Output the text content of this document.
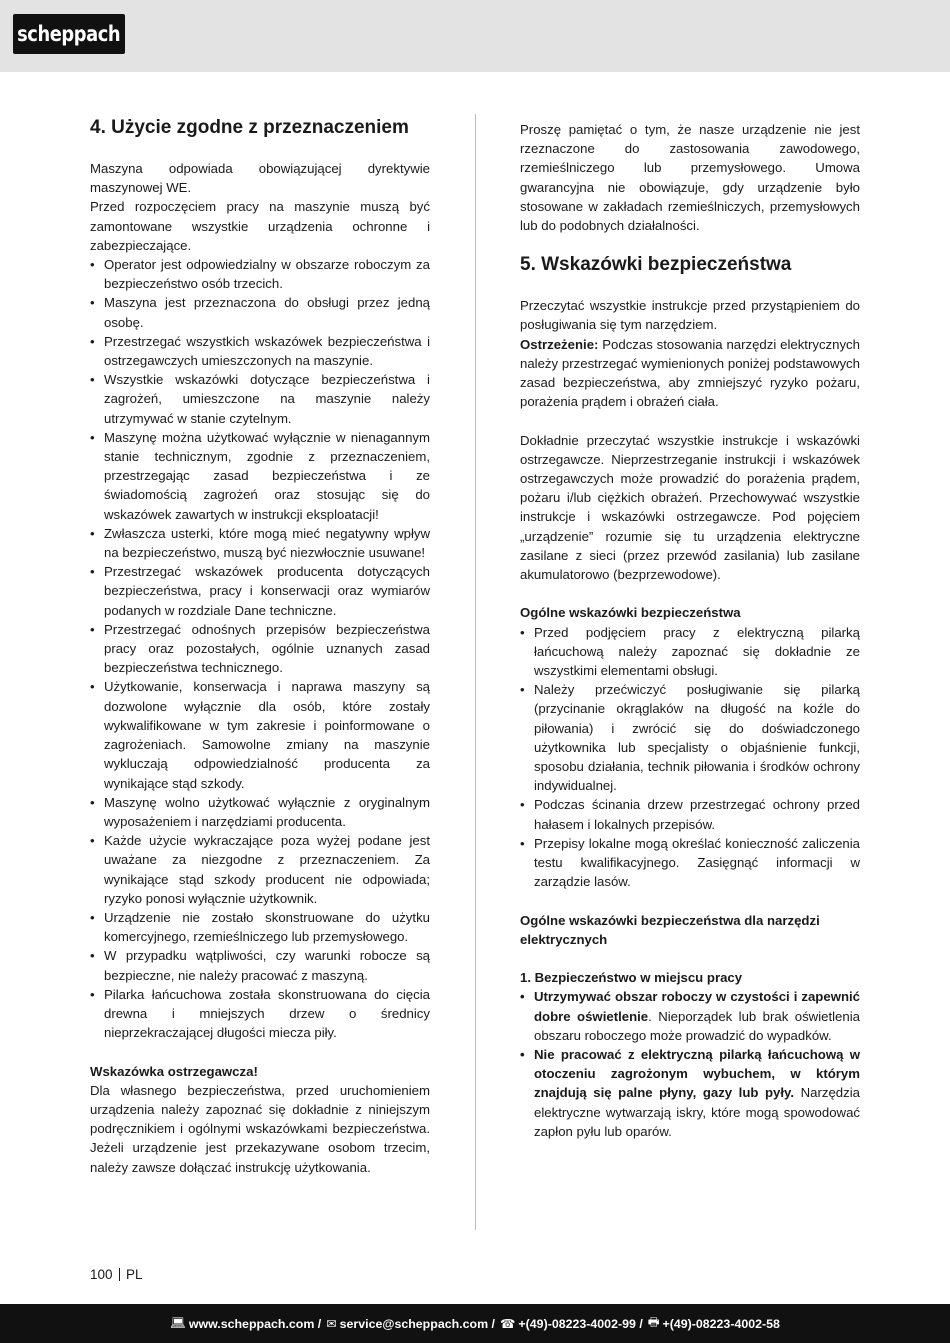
scheppach
4. Użycie zgodne z przeznaczeniem

Maszyna odpowiada obowiązującej dyrektywie maszynowej WE.

Przed rozpoczęciem pracy na maszynie muszą być zamontowane wszystkie urządzenia ochronne i zabezpieczające.

• Operator jest odpowiedzialny w obszarze roboczym za bezpieczeństwo osób trzecich.
• Maszyna jest przeznaczona do obsługi przez jedną osobę.
• Przestrzegać wszystkich wskazówek bezpieczeństwa i ostrzegawczych umieszczonych na maszynie.
• Wszystkie wskazówki dotyczące bezpieczeństwa i zagrożeń, umieszczone na maszynie należy utrzymywać w stanie czytelnym.
• Maszynę można użytkować wyłącznie w nienagannym stanie technicznym, zgodnie z przeznaczeniem, przestrzegając zasad bezpieczeństwa i ze świadomością zagrożeń oraz stosując się do wskazówek zawartych w instrukcji eksploatacji!
• Zwłaszcza usterki, które mogą mieć negatywny wpływ na bezpieczeństwo, muszą być niezwłocznie usuwane!
• Przestrzegać wskazówek producenta dotyczących bezpieczeństwa, pracy i konserwacji oraz wymiarów podanych w rozdziale Dane techniczne.
• Przestrzegać odnośnych przepisów bezpieczeństwa pracy oraz pozostałych, ogólnie uznanych zasad bezpieczeństwa technicznego.
• Użytkowanie, konserwacja i naprawa maszyny są dozwolone wyłącznie dla osób, które zostały wykwalifikowane w tym zakresie i poinformowane o zagrożeniach. Samowolne zmiany na maszynie wykluczają odpowiedzialność producenta za wynikające stąd szkody.
• Maszynę wolno użytkować wyłącznie z oryginalnym wyposażeniem i narzędziami producenta.
• Każde użycie wykraczające poza wyżej podane jest uważane za niezgodne z przeznaczeniem. Za wynikające stąd szkody producent nie odpowiada; ryzyko ponosi wyłącznie użytkownik.
• Urządzenie nie zostało skonstruowane do użytku komercyjnego, rzemieślniczego lub przemysłowego.
• W przypadku wątpliwości, czy warunki robocze są bezpieczne, nie należy pracować z maszyną.
• Pilarka łańcuchowa została skonstruowana do cięcia drewna i mniejszych drzew o średnicy nieprzekraczającej długości miecza piły.

Wskazówka ostrzegawcza!

Dla własnego bezpieczeństwa, przed uruchomieniem urządzenia należy zapoznać się dokładnie z niniejszym podręcznikiem i ogólnymi wskazówkami bezpieczeństwa. Jeżeli urządzenie jest przekazywane osobom trzecim, należy zawsze dołączać instrukcję użytkowania.

Proszę pamiętać o tym, że nasze urządzenie nie jest rzeznaczone do zastosowania zawodowego, rzemieślniczego lub przemysłowego. Umowa gwarancyjna nie obowiązuje, gdy urządzenie było stosowane w zakładach rzemieślniczych, przemysłowych lub do podobnych działalności.

5. Wskazówki bezpieczeństwa

Przeczytać wszystkie instrukcje przed przystąpieniem do posługiwania się tym narzędziem.

Ostrzeżenie: Podczas stosowania narzędzi elektrycznych należy przestrzegać wymienionych poniżej podstawowych zasad bezpieczeństwa, aby zmniejszyć ryzyko pożaru, porażenia prądem i obrażeń ciała.

Dokładnie przeczytać wszystkie instrukcje i wskazówki ostrzegawcze. Nieprzestrzeganie instrukcji i wskazówek ostrzegawczych może prowadzić do porażenia prądem, pożaru i/lub ciężkich obrażeń. Przechowywać wszystkie instrukcje i wskazówki ostrzegawcze. Pod pojęciem „urządzenie” rozumie się tu urządzenia elektryczne zasilane z sieci (przez przewód zasilania) lub zasilane akumulatorowo (bezprzewodowe).

Ogólne wskazówki bezpieczeństwa

• Przed podjęciem pracy z elektryczną pilarką łańcuchową należy zapoznać się dokładnie ze wszystkimi elementami obsługi.
• Należy przećwiczyć posługiwanie się pilarką (przycinanie okrąglaków na długość na koźle do piłowania) i zwrócić się do doświadczonego użytkownika lub specjalisty o objaśnienie funkcji, sposobu działania, technik piłowania i środków ochrony indywidualnej.
• Podczas ścinania drzew przestrzegać ochrony przed hałasem i lokalnych przepisów.
• Przepisy lokalne mogą określać konieczność zaliczenia testu kwalifikacyjnego. Zasięgnąć informacji w zarządzie lasów.

Ogólne wskazówki bezpieczeństwa dla narzędzi elektrycznych

1. Bezpieczeństwo w miejscu pracy

• Utrzymywać obszar roboczy w czystości i zapewnić dobre oświetlenie. Nieporządek lub brak oświetlenia obszaru roboczego może prowadzić do wypadków.
• Nie pracować z elektryczną pilarką łańcuchową w otoczeniu zagrożonym wybuchem, w którym znajdują się palne płyny, gazy lub pyły. Narzędzia elektryczne wytwarzają iskry, które mogą spowodować zapłon pyłu lub oparów.
100 PL
💻︎ www.scheppach.com / ✉︎ service@scheppach.com / ☎︎ +(49)-08223-4002-99 / 🖶︎ +(49)-08223-4002-58
